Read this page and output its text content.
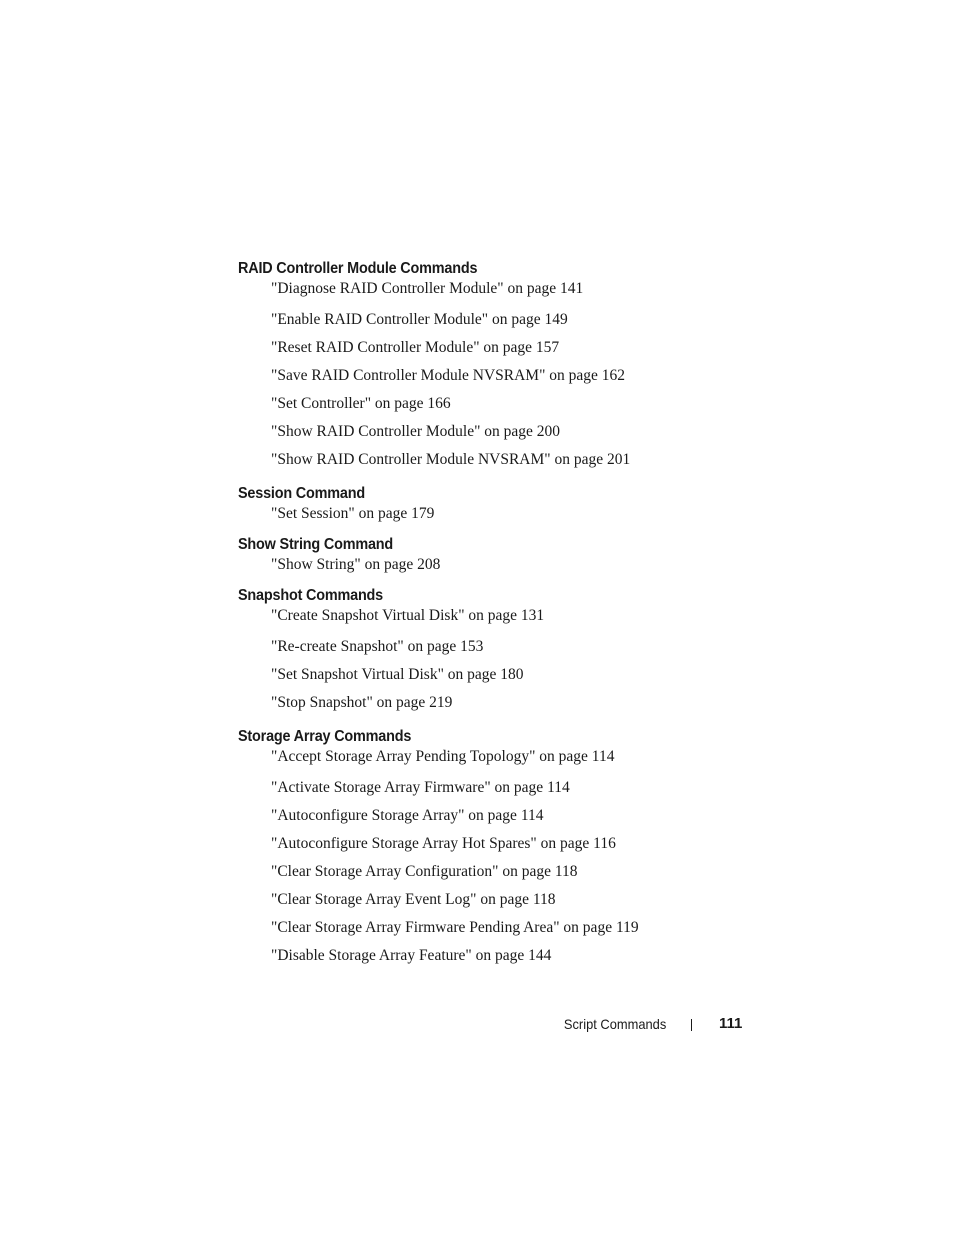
RAID Controller Module Commands
"Diagnose RAID Controller Module" on page 141
"Enable RAID Controller Module" on page 149
"Reset RAID Controller Module" on page 157
"Save RAID Controller Module NVSRAM" on page 162
"Set Controller" on page 166
"Show RAID Controller Module" on page 200
"Show RAID Controller Module NVSRAM" on page 201
Session Command
"Set Session" on page 179
Show String Command
"Show String" on page 208
Snapshot Commands
"Create Snapshot Virtual Disk" on page 131
"Re-create Snapshot" on page 153
"Set Snapshot Virtual Disk" on page 180
"Stop Snapshot" on page 219
Storage Array Commands
"Accept Storage Array Pending Topology" on page 114
"Activate Storage Array Firmware" on page 114
"Autoconfigure Storage Array" on page 114
"Autoconfigure Storage Array Hot Spares" on page 116
"Clear Storage Array Configuration" on page 118
"Clear Storage Array Event Log" on page 118
"Clear Storage Array Firmware Pending Area" on page 119
"Disable Storage Array Feature" on page 144
Script Commands	111
